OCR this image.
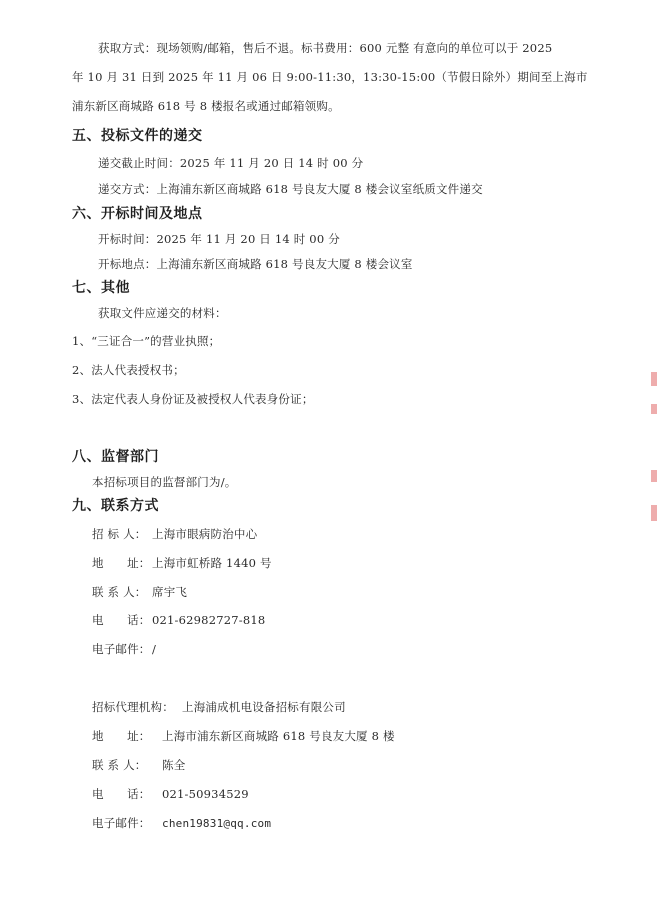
获取方式：现场领购/邮箱，售后不退。标书费用：600 元整 有意向的单位可以于 2025
年 10 月 31 日到 2025 年 11 月 06 日 9:00-11:30，13:30-15:00（节假日除外）期间至上海市
浦东新区商城路 618 号 8 楼报名或通过邮箱领购。
五、投标文件的递交
递交截止时间：2025 年 11 月 20 日 14 时 00 分
递交方式：上海浦东新区商城路 618 号良友大厦 8 楼会议室纸质文件递交
六、开标时间及地点
开标时间：2025 年 11 月 20 日 14 时 00 分
开标地点：上海浦东新区商城路 618 号良友大厦 8 楼会议室
七、其他
获取文件应递交的材料：
1、“三证合一”的营业执照；
2、法人代表授权书；
3、法定代表人身份证及被授权人代表身份证；
八、监督部门
本招标项目的监督部门为/。
九、联系方式
招 标 人： 上海市眼病防治中心
地　　址： 上海市虹桥路 1440 号
联 系 人： 席宇飞
电　　话： 021-62982727-818
电子邮件： /
招标代理机构： 上海浦成机电设备招标有限公司
地　　址： 上海市浦东新区商城路 618 号良友大厦 8 楼
联 系 人： 陈全
电　　话： 021-50934529
电子邮件： chen19831@qq.com
